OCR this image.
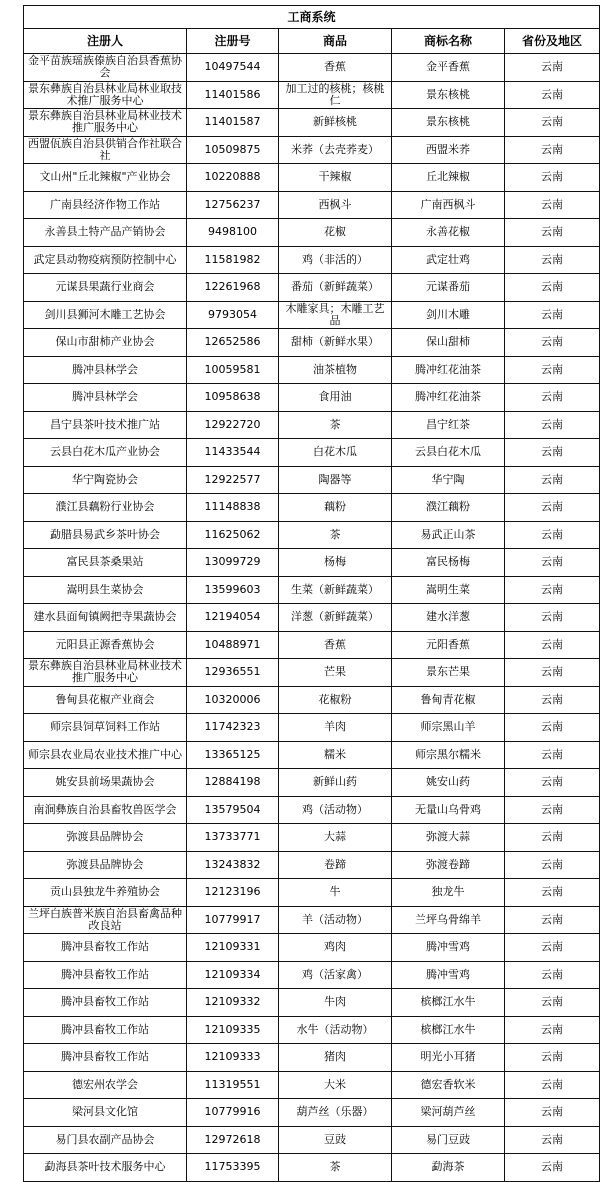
工商系统				
注册人	注册号	商品	商标名称	省份及地区
金平苗族瑶族傣族自治县香蕉协会	10497544	香蕉	金平香蕉	云南
景东彝族自治县林业局林业取技术推广服务中心	11401586	加工过的核桃；核桃仁	景东核桃	云南
景东彝族自治县林业局林业技术推广服务中心	11401587	新鲜核桃	景东核桃	云南
西盟佤族自治县供销合作社联合社	10509875	米荞（去壳荞麦）	西盟米荞	云南
文山州"丘北辣椒"产业协会	10220888	干辣椒	丘北辣椒	云南
广南县经济作物工作站	12756237	西枫斗	广南西枫斗	云南
永善县土特产品产销协会	9498100	花椒	永善花椒	云南
武定县动物疫病预防控制中心	11581982	鸡（非活的）	武定壮鸡	云南
元谋县果蔬行业商会	12261968	番茄（新鲜蔬菜）	元谋番茄	云南
剑川县狮河木雕工艺协会	9793054	木雕家具；木雕工艺品	剑川木雕	云南
保山市甜柿产业协会	12652586	甜柿（新鲜水果）	保山甜柿	云南
腾冲县林学会	10059581	油茶植物	腾冲红花油茶	云南
腾冲县林学会	10958638	食用油	腾冲红花油茶	云南
昌宁县茶叶技术推广站	12922720	茶	昌宁红茶	云南
云县白花木瓜产业协会	11433544	白花木瓜	云县白花木瓜	云南
华宁陶瓷协会	12922577	陶器等	华宁陶	云南
濮江县藕粉行业协会	11148838	藕粉	濮江藕粉	云南
勐腊县易武乡茶叶协会	11625062	茶	易武正山茶	云南
富民县茶桑果站	13099729	杨梅	富民杨梅	云南
嵩明县生菜协会	13599603	生菜（新鲜蔬菜）	嵩明生菜	云南
建水县面甸镇阙把寺果蔬协会	12194054	洋葱（新鲜蔬菜）	建水洋葱	云南
元阳县正源香蕉协会	10488971	香蕉	元阳香蕉	云南
景东彝族自治县林业局林业技术推广服务中心	12936551	芒果	景东芒果	云南
鲁甸县花椒产业商会	10320006	花椒粉	鲁甸青花椒	云南
师宗县饲草饲料工作站	11742323	羊肉	师宗黑山羊	云南
师宗县农业局农业技术推广中心	13365125	糯米	师宗黑尔糯米	云南
姚安县前场果蔬协会	12884198	新鲜山药	姚安山药	云南
南涧彝族自治县畜牧兽医学会	13579504	鸡（活动物）	无量山乌骨鸡	云南
弥渡县品牌协会	13733771	大蒜	弥渡大蒜	云南
弥渡县品牌协会	13243832	卷蹄	弥渡卷蹄	云南
贡山县独龙牛养殖协会	12123196	牛	独龙牛	云南
兰坪白族普米族自治县畜禽品种改良站	10779917	羊（活动物）	兰坪乌骨绵羊	云南
腾冲县畜牧工作站	12109331	鸡肉	腾冲雪鸡	云南
腾冲县畜牧工作站	12109334	鸡（活家禽）	腾冲雪鸡	云南
腾冲县畜牧工作站	12109332	牛肉	槟榔江水牛	云南
腾冲县畜牧工作站	12109335	水牛（活动物）	槟榔江水牛	云南
腾冲县畜牧工作站	12109333	猪肉	明光小耳猪	云南
德宏州农学会	11319551	大米	德宏香软米	云南
梁河县文化馆	10779916	葫芦丝（乐器）	梁河葫芦丝	云南
易门县农副产品协会	12972618	豆豉	易门豆豉	云南
勐海县茶叶技术服务中心	11753395	茶	勐海茶	云南
